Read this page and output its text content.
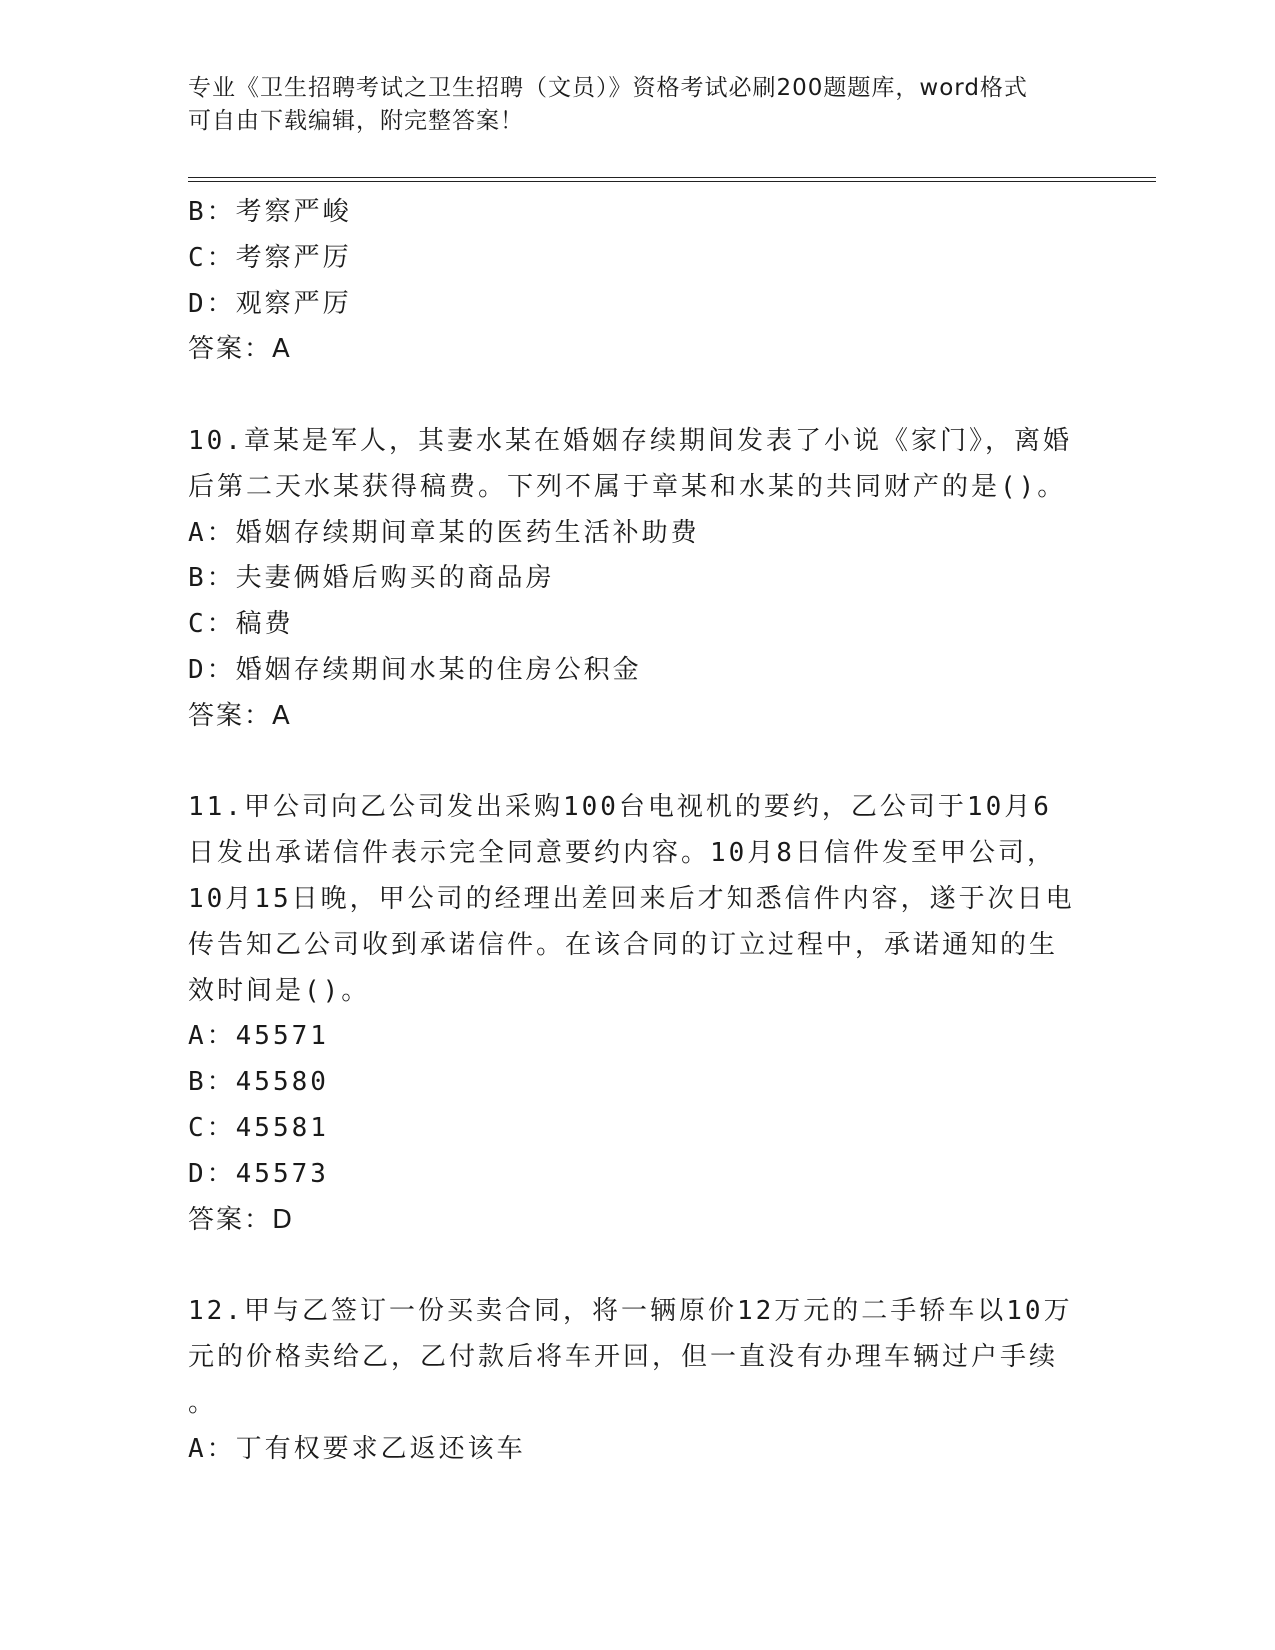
专业《卫生招聘考试之卫生招聘（文员）》资格考试必刷200题题库，word格式
可自由下载编辑，附完整答案！
B：考察严峻
C：考察严厉
D：观察严厉
答案：A
10.章某是军人，其妻水某在婚姻存续期间发表了小说《家门》，离婚
后第二天水某获得稿费。下列不属于章某和水某的共同财产的是()。
A：婚姻存续期间章某的医药生活补助费
B：夫妻俩婚后购买的商品房
C：稿费
D：婚姻存续期间水某的住房公积金
答案：A
11.甲公司向乙公司发出采购100台电视机的要约，乙公司于10月6
日发出承诺信件表示完全同意要约内容。10月8日信件发至甲公司，
10月15日晚，甲公司的经理出差回来后才知悉信件内容，遂于次日电
传告知乙公司收到承诺信件。在该合同的订立过程中，承诺通知的生
效时间是()。
A：45571
B：45580
C：45581
D：45573
答案：D
12.甲与乙签订一份买卖合同，将一辆原价12万元的二手轿车以10万
元的价格卖给乙，乙付款后将车开回，但一直没有办理车辆过户手续
。
A：丁有权要求乙返还该车
